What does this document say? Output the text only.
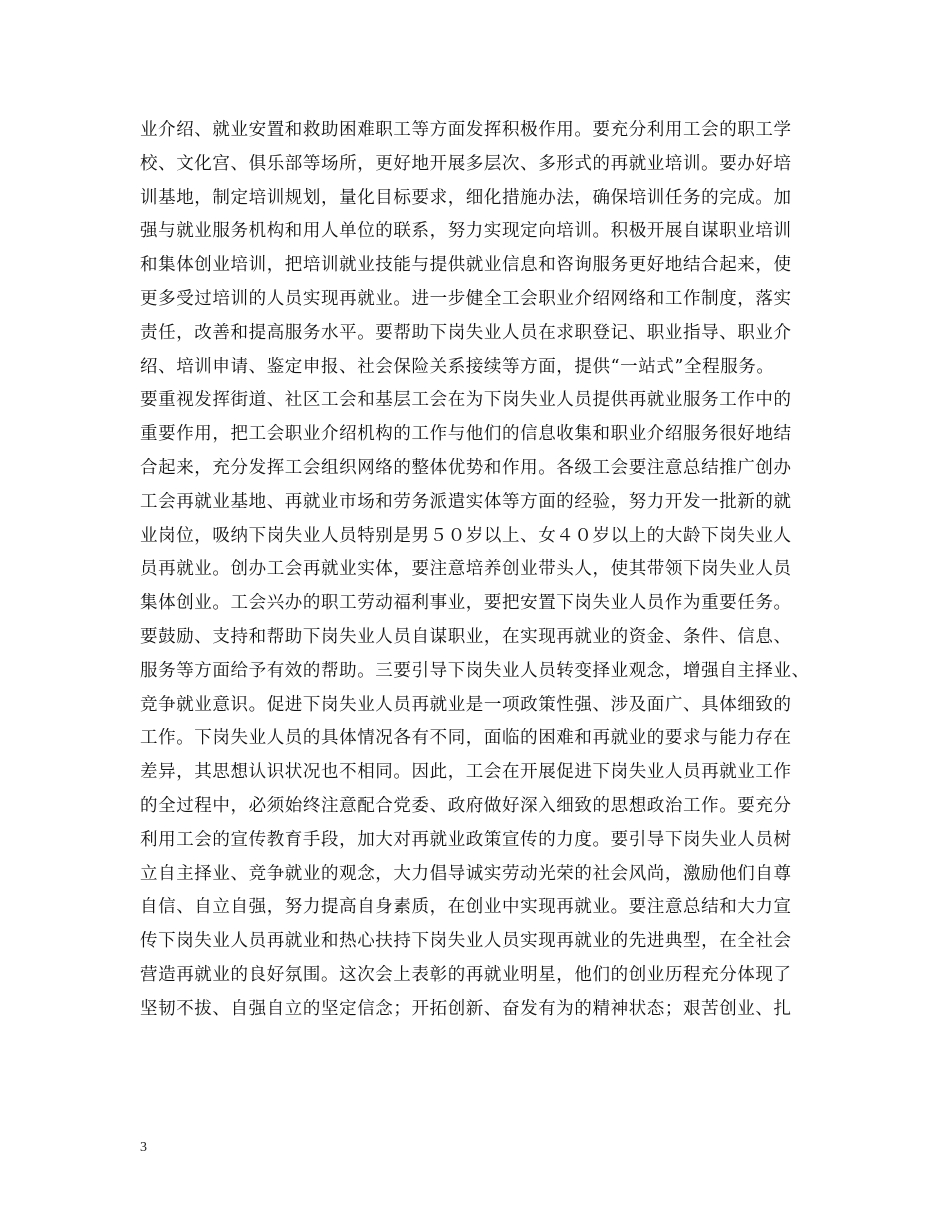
业介绍、就业安置和救助困难职工等方面发挥积极作用。要充分利用工会的职工学
校、文化宫、俱乐部等场所，更好地开展多层次、多形式的再就业培训。要办好培
训基地，制定培训规划，量化目标要求，细化措施办法，确保培训任务的完成。加
强与就业服务机构和用人单位的联系，努力实现定向培训。积极开展自谋职业培训
和集体创业培训，把培训就业技能与提供就业信息和咨询服务更好地结合起来，使
更多受过培训的人员实现再就业。进一步健全工会职业介绍网络和工作制度，落实
责任，改善和提高服务水平。要帮助下岗失业人员在求职登记、职业指导、职业介
绍、培训申请、鉴定申报、社会保险关系接续等方面，提供“一站式”全程服务。
要重视发挥街道、社区工会和基层工会在为下岗失业人员提供再就业服务工作中的
重要作用，把工会职业介绍机构的工作与他们的信息收集和职业介绍服务很好地结
合起来，充分发挥工会组织网络的整体优势和作用。各级工会要注意总结推广创办
工会再就业基地、再就业市场和劳务派遣实体等方面的经验，努力开发一批新的就
业岗位，吸纳下岗失业人员特别是男５０岁以上、女４０岁以上的大龄下岗失业人
员再就业。创办工会再就业实体，要注意培养创业带头人，使其带领下岗失业人员
集体创业。工会兴办的职工劳动福利事业，要把安置下岗失业人员作为重要任务。
要鼓励、支持和帮助下岗失业人员自谋职业，在实现再就业的资金、条件、信息、
服务等方面给予有效的帮助。三要引导下岗失业人员转变择业观念，增强自主择业、
竞争就业意识。促进下岗失业人员再就业是一项政策性强、涉及面广、具体细致的
工作。下岗失业人员的具体情况各有不同，面临的困难和再就业的要求与能力存在
差异，其思想认识状况也不相同。因此，工会在开展促进下岗失业人员再就业工作
的全过程中，必须始终注意配合党委、政府做好深入细致的思想政治工作。要充分
利用工会的宣传教育手段，加大对再就业政策宣传的力度。要引导下岗失业人员树
立自主择业、竞争就业的观念，大力倡导诚实劳动光荣的社会风尚，激励他们自尊
自信、自立自强，努力提高自身素质，在创业中实现再就业。要注意总结和大力宣
传下岗失业人员再就业和热心扶持下岗失业人员实现再就业的先进典型，在全社会
营造再就业的良好氛围。这次会上表彰的再就业明星，他们的创业历程充分体现了
坚韧不拔、自强自立的坚定信念；开拓创新、奋发有为的精神状态；艰苦创业、扎
3
